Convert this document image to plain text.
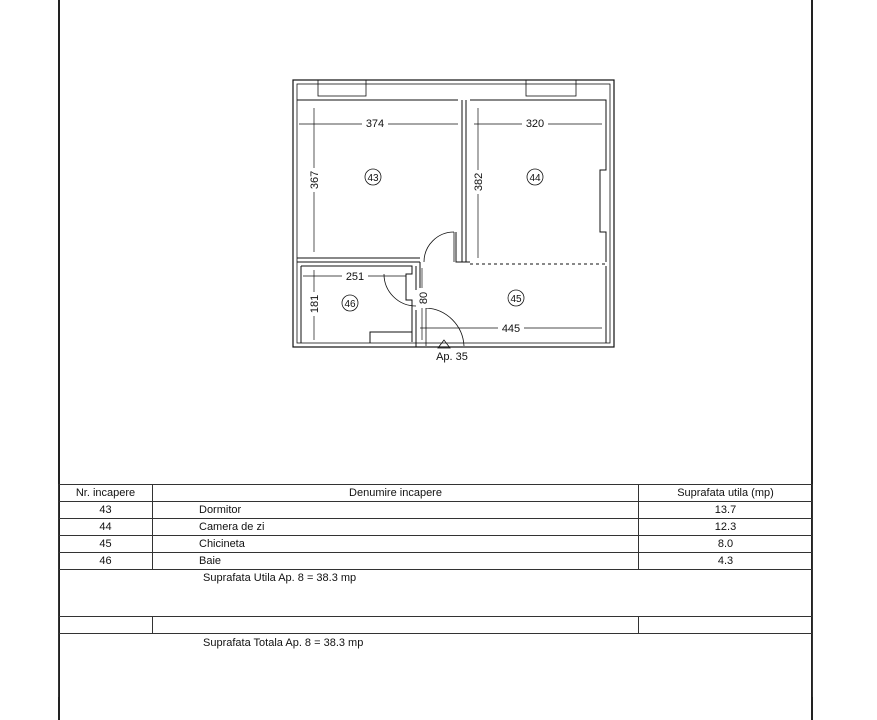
374
367
320
382
251
181	80
445
43	44
45
46
Ap. 35
Nr. incapere	Denumire incapere	Suprafata utila (mp)
43	Dormitor	13.7
44	Camera de zi	12.3
45	Chicineta	8.0
46	Baie	4.3
Suprafata Utila Ap. 8 = 38.3 mp		

Suprafata Totala Ap. 8 = 38.3 mp		
